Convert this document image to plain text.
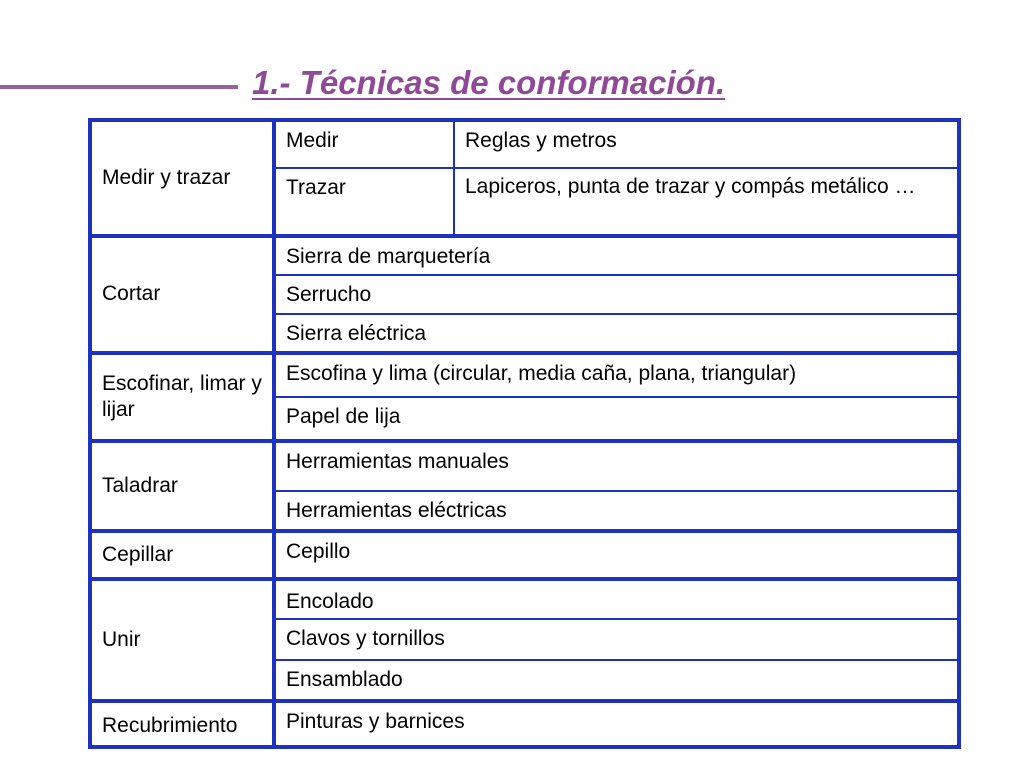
1.- Técnicas de conformación.
Medir y trazar	Medir	Reglas y metros
	Trazar	Lapiceros, punta de trazar y compás metálico …
Cortar	Sierra de marquetería	
	Serrucho	
	Sierra eléctrica	
Escofinar, limar y lijar	Escofina y lima (circular, media caña, plana, triangular)	
	Papel de lija	
Taladrar	Herramientas manuales	
	Herramientas eléctricas	
Cepillar	Cepillo	
Unir	Encolado	
	Clavos y tornillos	
	Ensamblado	
Recubrimiento	Pinturas y barnices	
